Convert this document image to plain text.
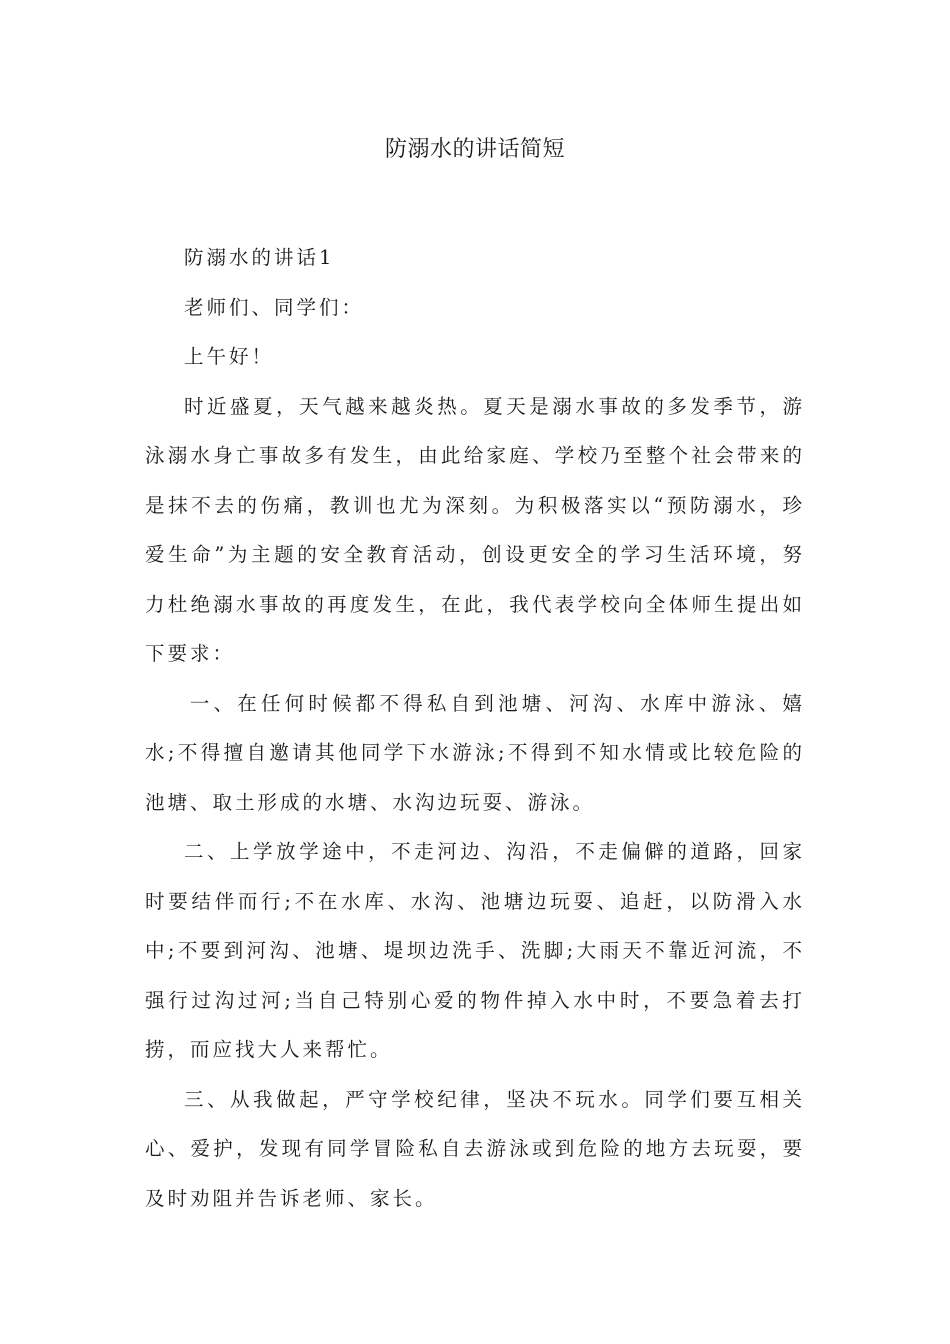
防溺水的讲话简短

防溺水的讲话1

老师们、同学们：

上午好！

时近盛夏，天气越来越炎热。夏天是溺水事故的多发季节，游泳溺水身亡事故多有发生，由此给家庭、学校乃至整个社会带来的是抹不去的伤痛，教训也尤为深刻。为积极落实以“预防溺水，珍爱生命”为主题的安全教育活动，创设更安全的学习生活环境，努力杜绝溺水事故的再度发生，在此，我代表学校向全体师生提出如下要求：

一、在任何时候都不得私自到池塘、河沟、水库中游泳、嬉水;不得擅自邀请其他同学下水游泳;不得到不知水情或比较危险的池塘、取土形成的水塘、水沟边玩耍、游泳。

二、上学放学途中，不走河边、沟沿，不走偏僻的道路，回家时要结伴而行;不在水库、水沟、池塘边玩耍、追赶，以防滑入水中;不要到河沟、池塘、堤坝边洗手、洗脚;大雨天不靠近河流，不强行过沟过河;当自己特别心爱的物件掉入水中时，不要急着去打捞，而应找大人来帮忙。

三、从我做起，严守学校纪律，坚决不玩水。同学们要互相关心、爱护，发现有同学冒险私自去游泳或到危险的地方去玩耍，要及时劝阻并告诉老师、家长。
